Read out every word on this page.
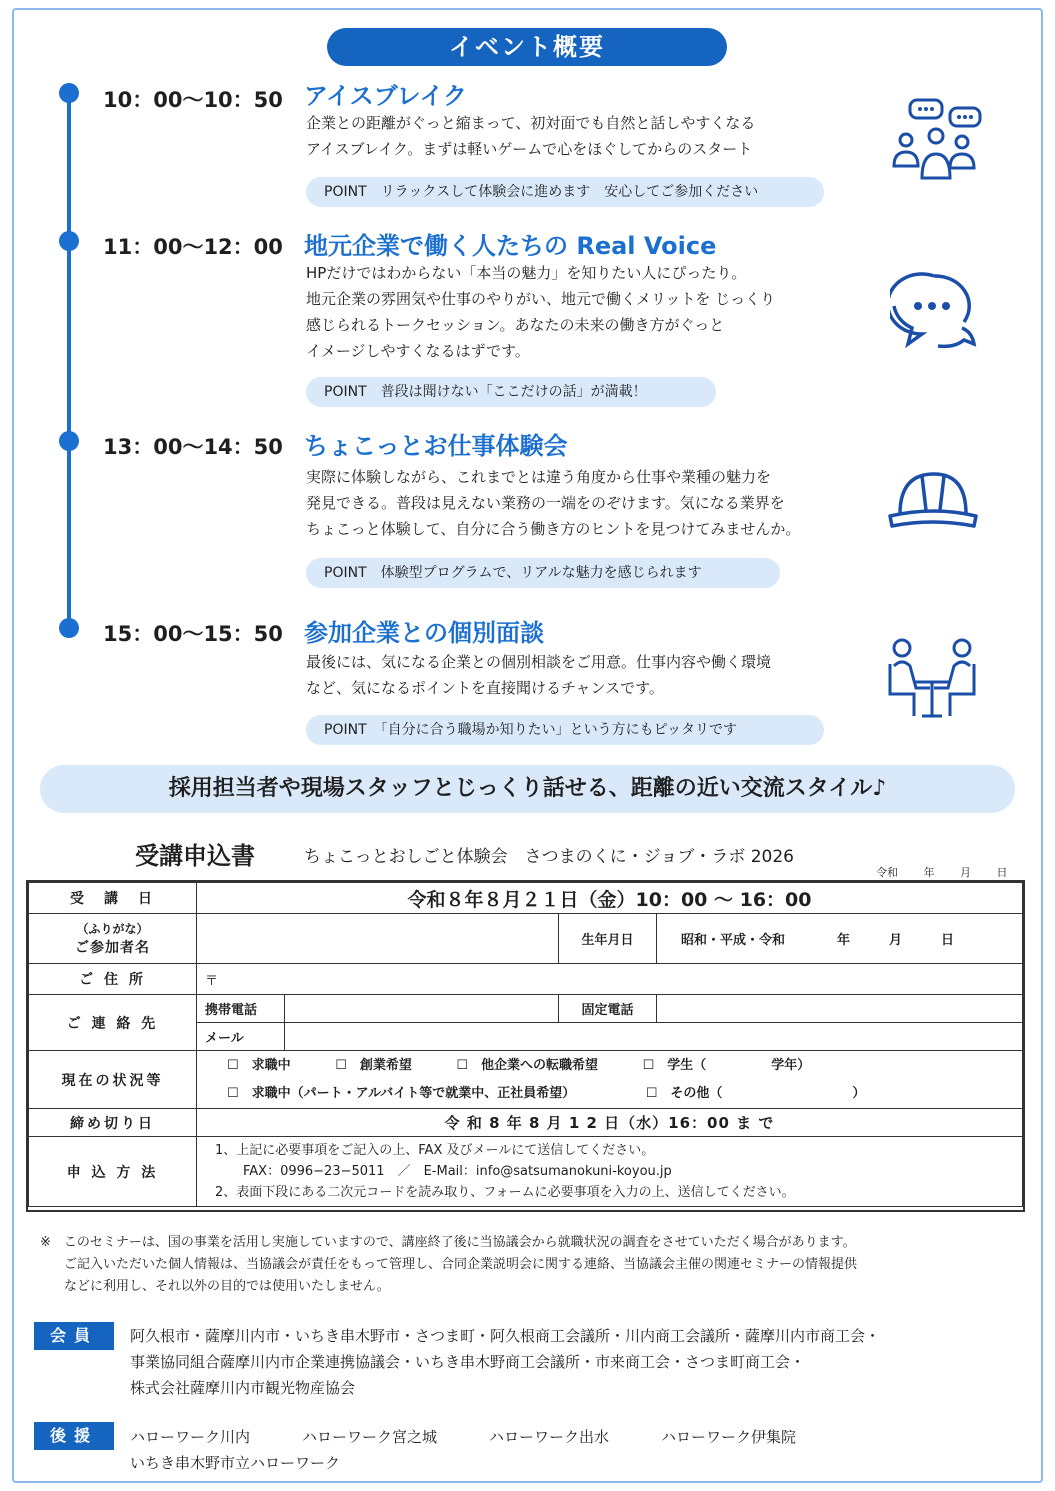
イベント概要
10：00〜10：50 アイスブレイク
企業との距離がぐっと縮まって、初対面でも自然と話しやすくなる
アイスブレイク。まずは軽いゲームで心をほぐしてからのスタート
POINT　リラックスして体験会に進めます　安心してご参加ください
11：00〜12：00 地元企業で働く人たちの Real Voice
HPだけではわからない「本当の魅力」を知りたい人にぴったり。
地元企業の雰囲気や仕事のやりがい、地元で働くメリットを じっくり
感じられるトークセッション。あなたの未来の働き方がぐっと
イメージしやすくなるはずです。
POINT　普段は聞けない「ここだけの話」が満載！
13：00〜14：50 ちょこっとお仕事体験会
実際に体験しながら、これまでとは違う角度から仕事や業種の魅力を
発見できる。普段は見えない業務の一端をのぞけます。気になる業界を
ちょこっと体験して、自分に合う働き方のヒントを見つけてみませんか。
POINT　体験型プログラムで、リアルな魅力を感じられます
15：00〜15：50 参加企業との個別面談
最後には、気になる企業との個別相談をご用意。仕事内容や働く環境
など、気になるポイントを直接聞けるチャンスです。
POINT　「自分に合う職場か知りたい」という方にもピッタリです
採用担当者や現場スタッフとじっくり話せる、距離の近い交流スタイル♪
受講申込書	ちょこっとおしごと体験会　さつまのくに・ジョブ・ラボ 2026
令和 年 月 日
受　講　日	令和８年８月２１日（金）10：00 〜 16：00			

（ふりがな）
ご参加者名			生年月日	昭和・平成・令和　　　　年　　　月　　　日
ご 住 所	〒			
ご 連 絡 先	携帯電話		固定電話	
	メール			
現在の状況等	☐　求職中 ☐　創業希望 ☐　他企業への転職希望 ☐　学生（　　　　　学年）
☐　求職中（パート・アルバイト等で就業中、正社員希望） ☐　その他（　　　　　　　　　　）			

締め切り日	令 和 8 年 8 月 1 2 日（水）16：00 ま で			
申 込 方 法	1、上記に必要事項をご記入の上、FAX 及びメールにて送信してください。
FAX：0996−23−5011　／　E-Mail：info@satsumanokuni-koyou.jp
2、表面下段にある二次元コードを読み取り、フォームに必要事項を入力の上、送信してください。			
※　このセミナーは、国の事業を活用し実施していますので、講座終了後に当協議会から就職状況の調査をさせていただく場合があります。
ご記入いただいた個人情報は、当協議会が責任をもって管理し、合同企業説明会に関する連絡、当協議会主催の関連セミナーの情報提供
などに利用し、それ以外の目的では使用いたしません。
会員	阿久根市・薩摩川内市・いちき串木野市・さつま町・阿久根商工会議所・川内商工会議所・薩摩川内市商工会・
事業協同組合薩摩川内市企業連携協議会・いちき串木野商工会議所・市来商工会・さつま町商工会・
株式会社薩摩川内市観光物産協会
後援	ハローワーク川内	ハローワーク宮之城	ハローワーク出水	ハローワーク伊集院
いちき串木野市立ハローワーク
